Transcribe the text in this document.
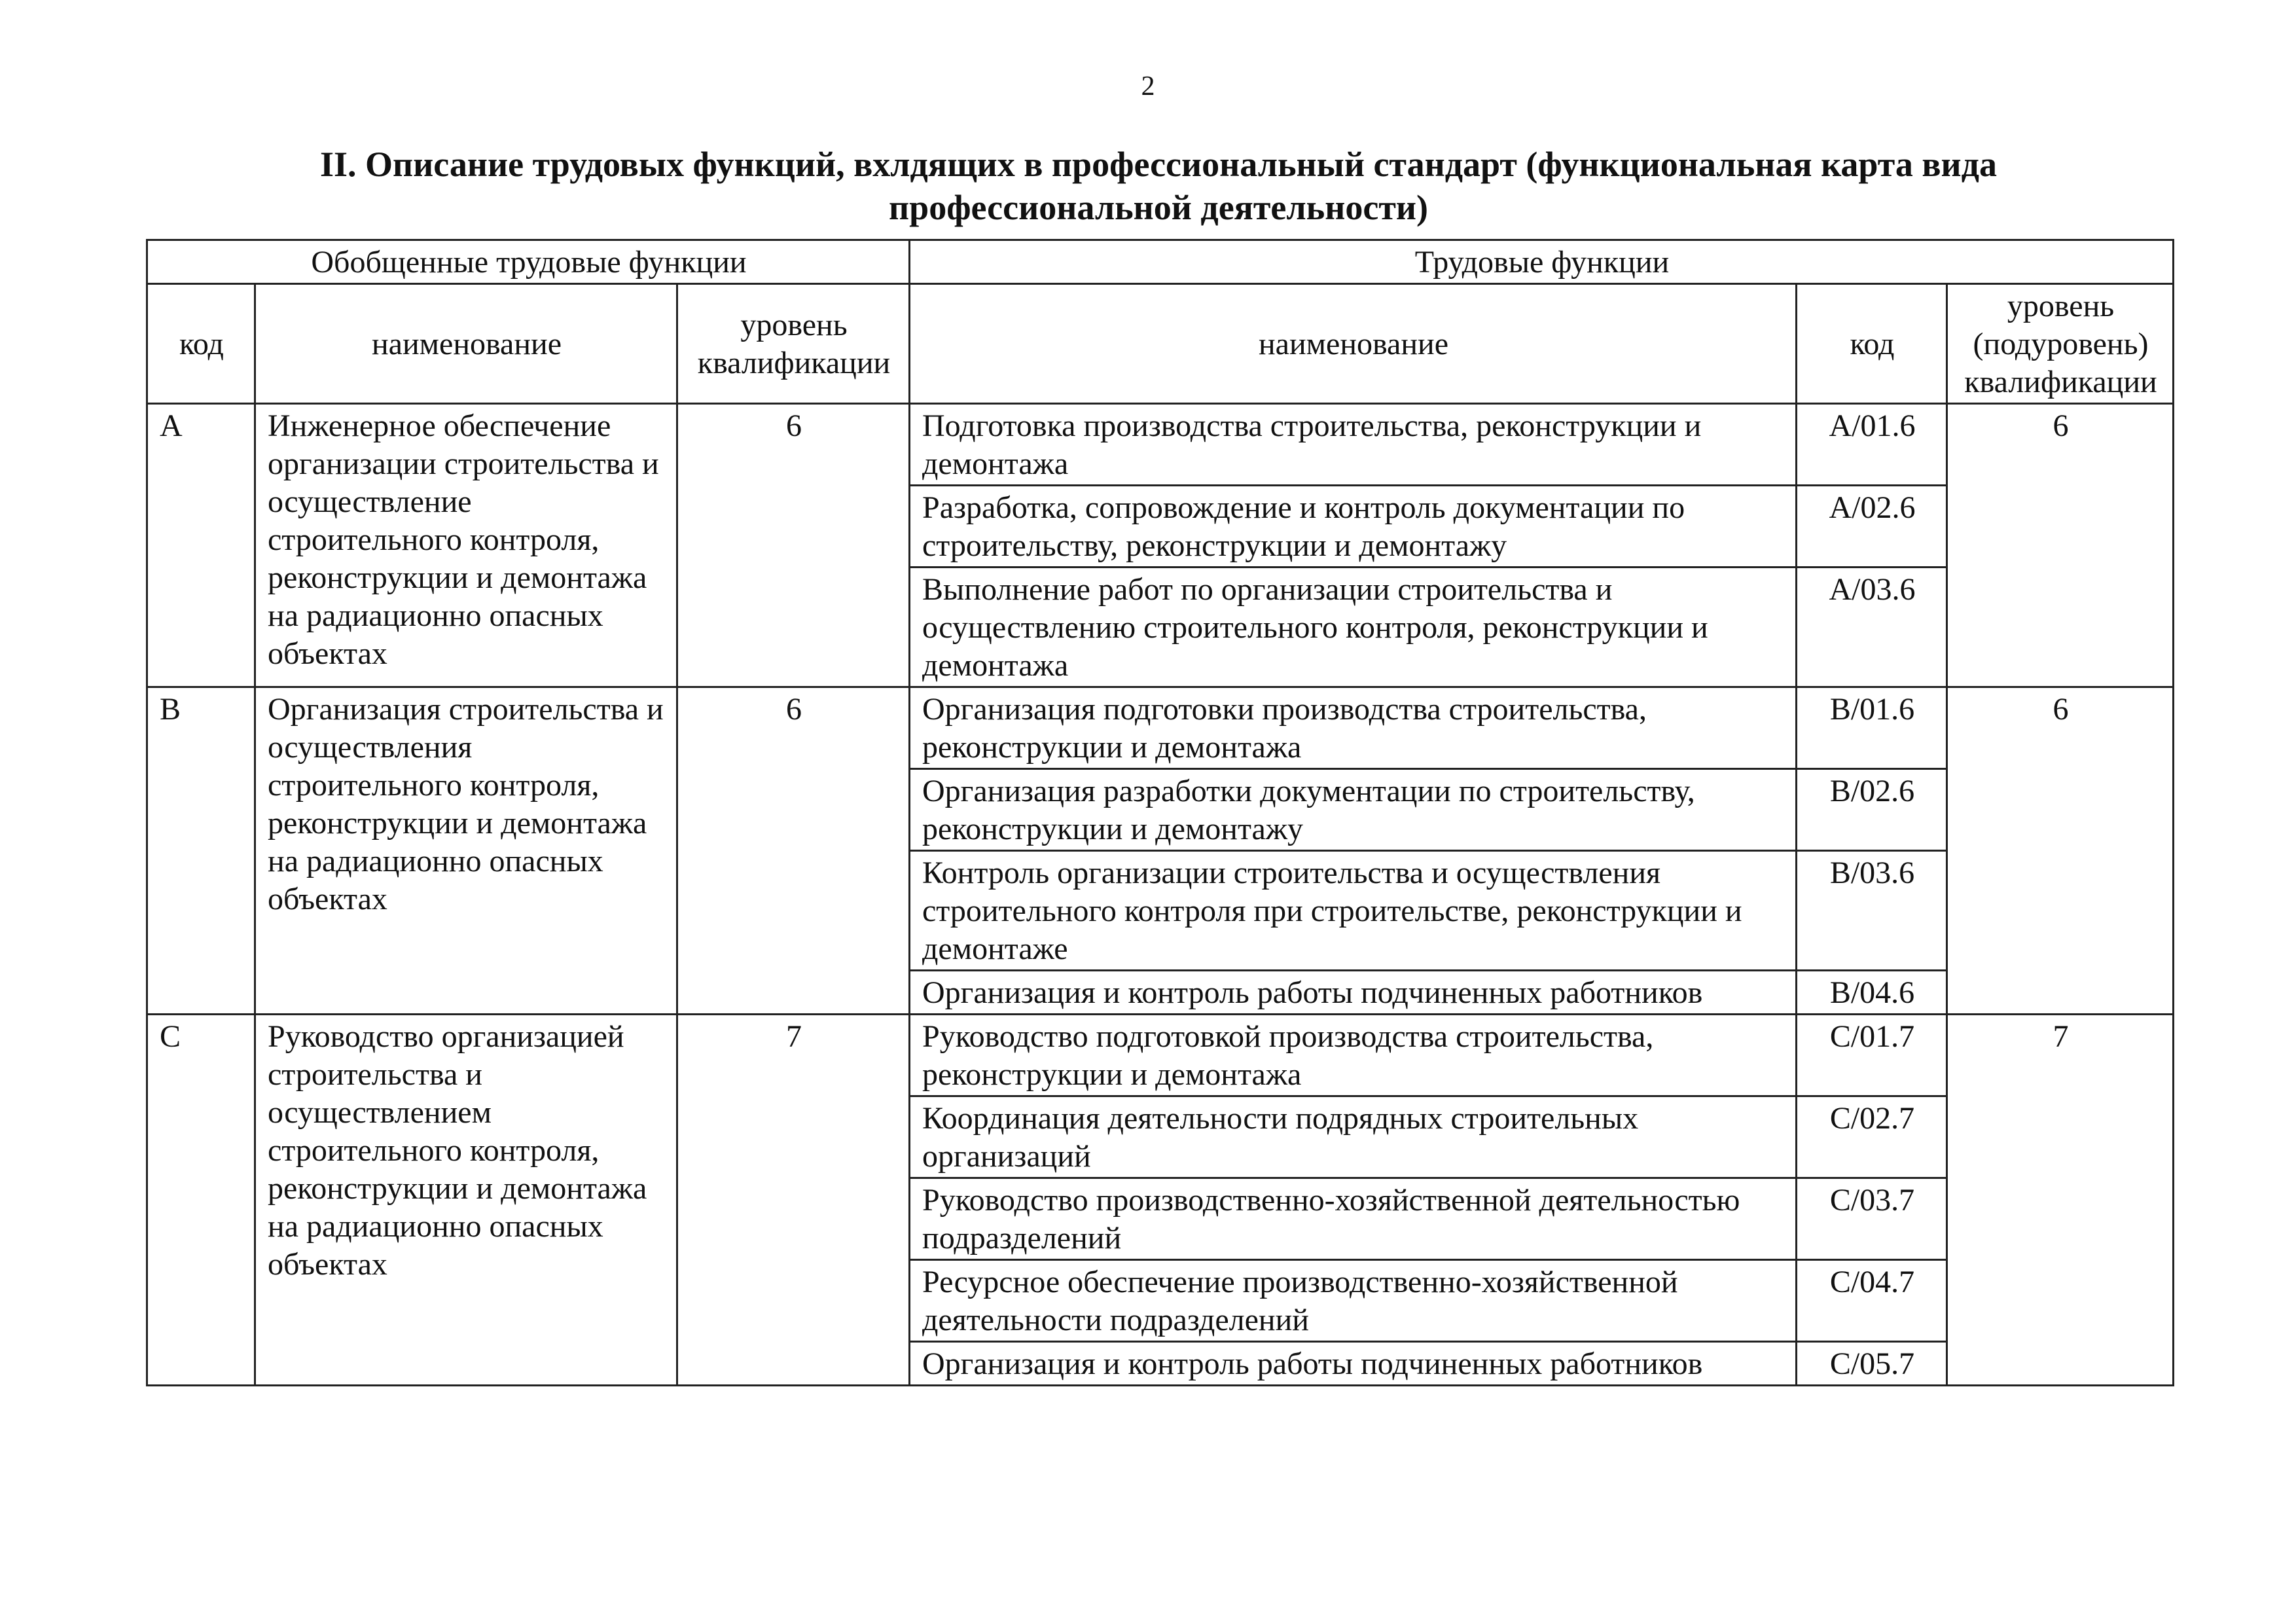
2
II. Описание трудовых функций, вхлдящих в профессиональный стандарт (функциональная карта вида профессиональной деятельности)
Обобщенные трудовые функции			Трудовые функции		
код	наименование	уровень квалификации	наименование	код	уровень (подуровень) квалификации
A	Инженерное обеспечение организации строительства и осуществление строительного контроля, реконструкции и демонтажа на радиационно опасных объектах	6	Подготовка производства строительства, реконструкции и демонтажа	A/01.6	6
			Разработка, сопровождение и контроль документации по строительству, реконструкции и демонтажу	A/02.6	
			Выполнение работ по организации строительства и осуществлению строительного контроля, реконструкции и демонтажа	A/03.6	
B	Организация строительства и осуществления строительного контроля, реконструкции и демонтажа на радиационно опасных объектах	6	Организация подготовки производства строительства, реконструкции и демонтажа	B/01.6	6
			Организация разработки документации по строительству, реконструкции и демонтажу	B/02.6	
			Контроль организации строительства и осуществления строительного контроля при строительстве, реконструкции и демонтаже	B/03.6	
			Организация и контроль работы подчиненных работников	B/04.6	
C	Руководство организацией строительства и осуществлением строительного контроля, реконструкции и демонтажа на радиационно опасных объектах	7	Руководство подготовкой производства строительства, реконструкции и демонтажа	C/01.7	7
			Координация деятельности подрядных строительных организаций	C/02.7	
			Руководство производственно-хозяйственной деятельностью подразделений	C/03.7	
			Ресурсное обеспечение производственно-хозяйственной деятельности подразделений	C/04.7	
			Организация и контроль работы подчиненных работников	C/05.7	
